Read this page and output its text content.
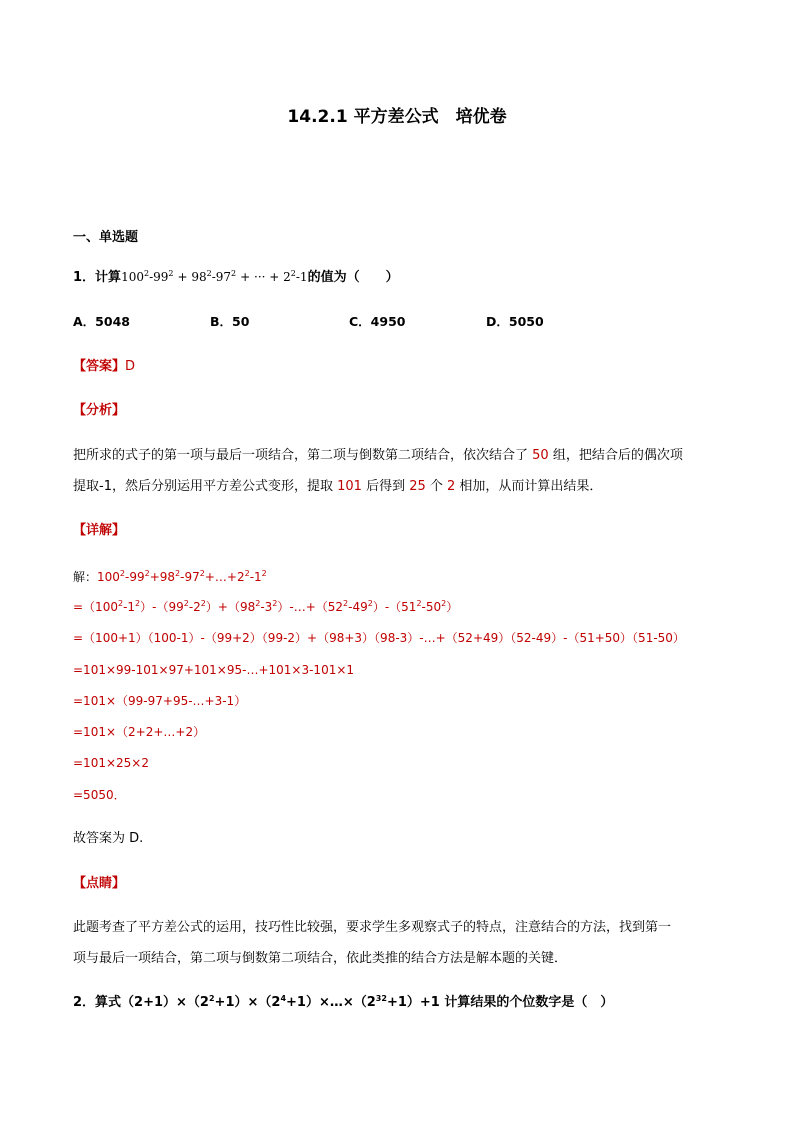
14.2.1 平方差公式　培优卷
一、单选题
1．计算$100^2-99^2 + 98^2-97^2$ + ··· + $2^2-1$的值为（　　）
A．5048	B．50	C．4950	D．5050
【答案】D
【分析】
把所求的式子的第一项与最后一项结合，第二项与倒数第二项结合，依次结合了 50 组，把结合后的偶次项
提取-1，然后分别运用平方差公式变形，提取 101 后得到 25 个 2 相加，从而计算出结果．
【详解】
解：$100^2-99^2+98^2-97^2+\dots+2^2-1^2$
$=(100^2-1^2)-(99^2-2^2)+(98^2-3^2)-\dots+(52^2-49^2)-(51^2-50^2)$
=（100+1）（100-1）-（99+2）（99-2）+（98+3）（98-3）-…+（52+49）（52-49）-（51+50）（51-50）
=101×99-101×97+101×95-…+101×3-101×1
=101×（99-97+95-…+3-1）
=101×（2+2+…+2）
=101×25×2
=5050．
故答案为 D.
【点睛】
此题考查了平方差公式的运用，技巧性比较强，要求学生多观察式子的特点，注意结合的方法，找到第一
项与最后一项结合，第二项与倒数第二项结合，依此类推的结合方法是解本题的关键．
2．算式$(2+1)\times(2^2+1)\times(2^4+1)\times\dots\times(2^{32}+1)+1$ 计算结果的个位数字是（　）
